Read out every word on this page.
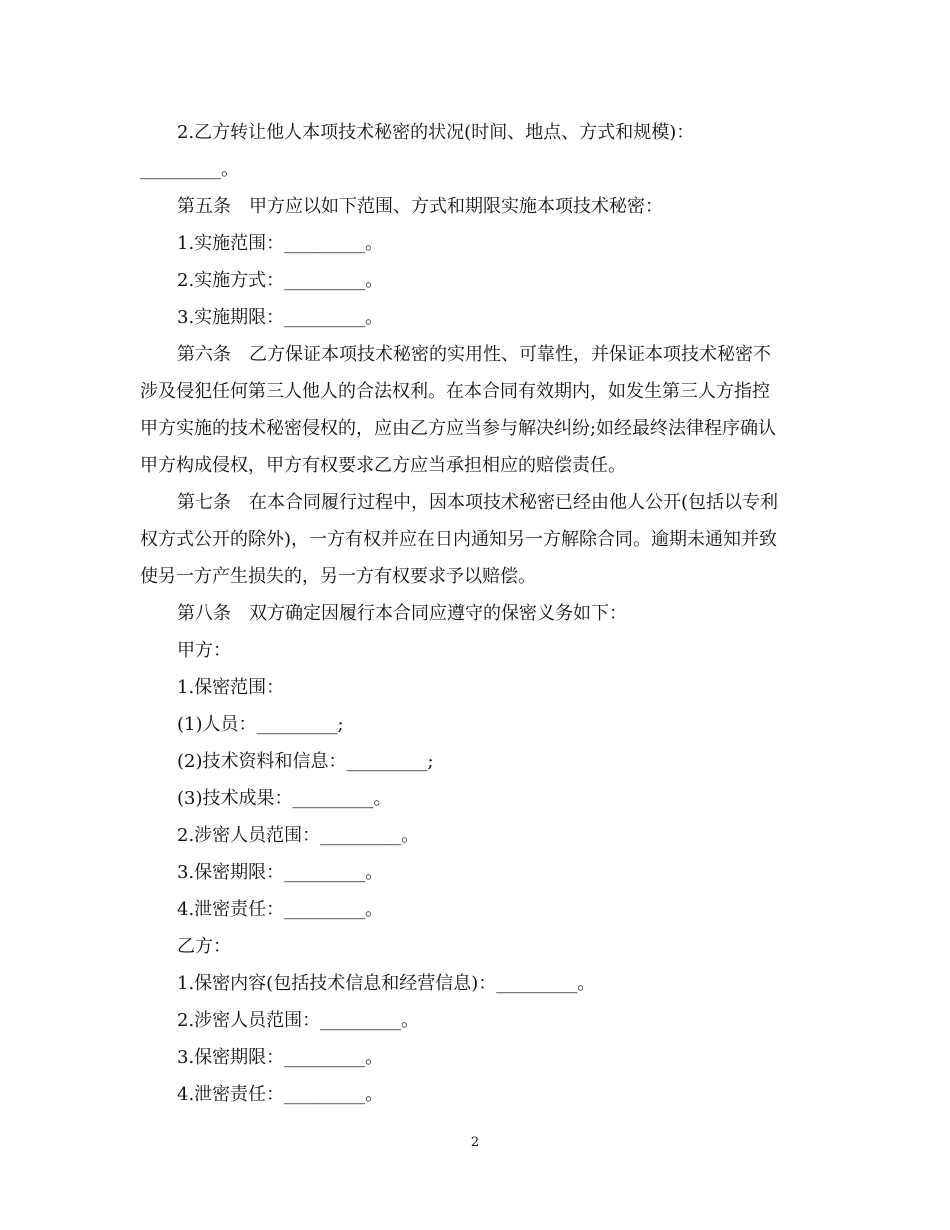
2.乙方转让他人本项技术秘密的状况(时间、地点、方式和规模)：
_________。
第五条　甲方应以如下范围、方式和期限实施本项技术秘密：
1.实施范围：_________。
2.实施方式：_________。
3.实施期限：_________。
第六条　乙方保证本项技术秘密的实用性、可靠性，并保证本项技术秘密不
涉及侵犯任何第三人他人的合法权利。在本合同有效期内，如发生第三人方指控
甲方实施的技术秘密侵权的，应由乙方应当参与解决纠纷;如经最终法律程序确认
甲方构成侵权，甲方有权要求乙方应当承担相应的赔偿责任。
第七条　在本合同履行过程中，因本项技术秘密已经由他人公开(包括以专利
权方式公开的除外)，一方有权并应在日内通知另一方解除合同。逾期未通知并致
使另一方产生损失的，另一方有权要求予以赔偿。
第八条　双方确定因履行本合同应遵守的保密义务如下：
甲方：
1.保密范围：
(1)人员：_________;
(2)技术资料和信息：_________;
(3)技术成果：_________。
2.涉密人员范围：_________。
3.保密期限：_________。
4.泄密责任：_________。
乙方：
1.保密内容(包括技术信息和经营信息)：_________。
2.涉密人员范围：_________。
3.保密期限：_________。
4.泄密责任：_________。
2
